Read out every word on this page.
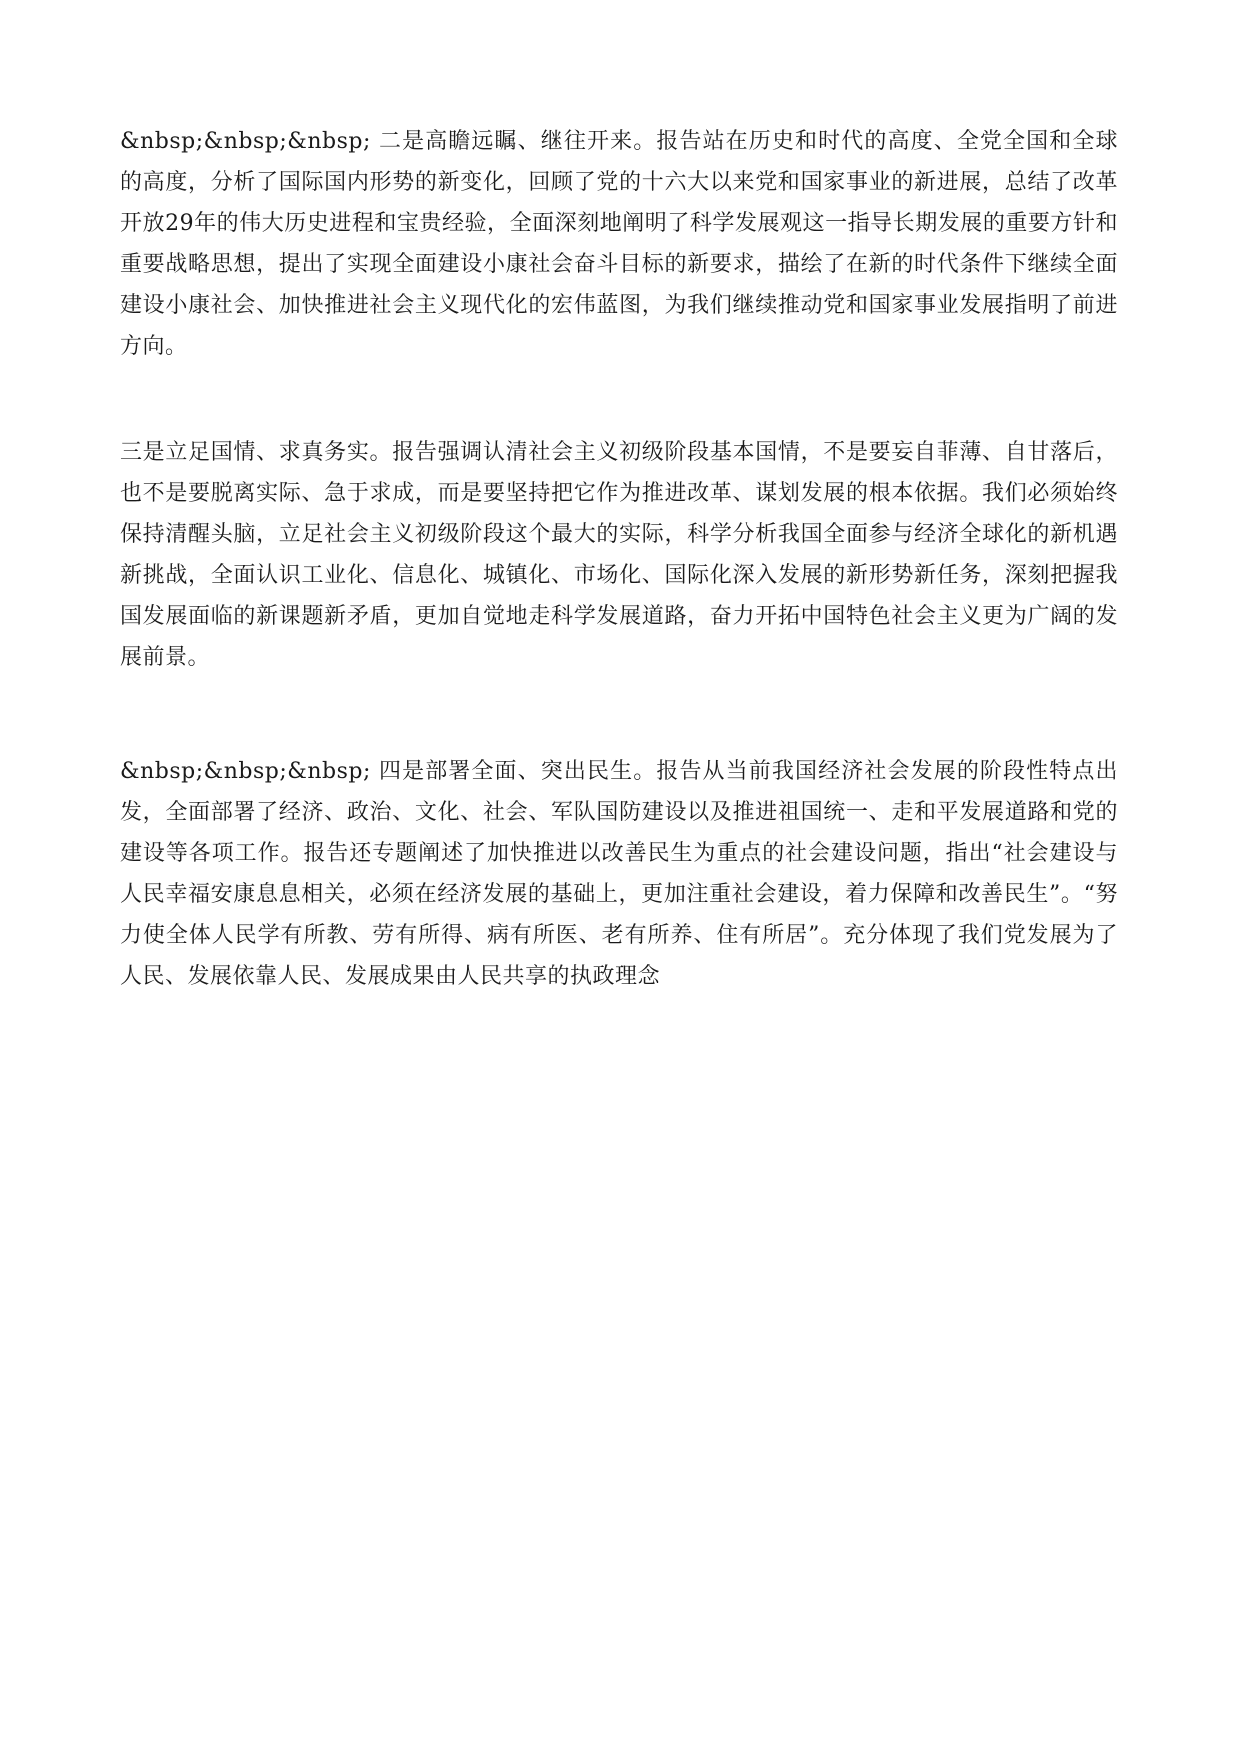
&nbsp;&nbsp;&nbsp; 二是高瞻远瞩、继往开来。报告站在历史和时代的高度、全党全国和全球的高度，分析了国际国内形势的新变化，回顾了党的十六大以来党和国家事业的新进展，总结了改革开放29年的伟大历史进程和宝贵经验，全面深刻地阐明了科学发展观这一指导长期发展的重要方针和重要战略思想，提出了实现全面建设小康社会奋斗目标的新要求，描绘了在新的时代条件下继续全面建设小康社会、加快推进社会主义现代化的宏伟蓝图，为我们继续推动党和国家事业发展指明了前进方向。

三是立足国情、求真务实。报告强调认清社会主义初级阶段基本国情，不是要妄自菲薄、自甘落后，也不是要脱离实际、急于求成，而是要坚持把它作为推进改革、谋划发展的根本依据。我们必须始终保持清醒头脑，立足社会主义初级阶段这个最大的实际，科学分析我国全面参与经济全球化的新机遇新挑战，全面认识工业化、信息化、城镇化、市场化、国际化深入发展的新形势新任务，深刻把握我国发展面临的新课题新矛盾，更加自觉地走科学发展道路，奋力开拓中国特色社会主义更为广阔的发展前景。

&nbsp;&nbsp;&nbsp; 四是部署全面、突出民生。报告从当前我国经济社会发展的阶段性特点出发，全面部署了经济、政治、文化、社会、军队国防建设以及推进祖国统一、走和平发展道路和党的建设等各项工作。报告还专题阐述了加快推进以改善民生为重点的社会建设问题，指出“社会建设与人民幸福安康息息相关，必须在经济发展的基础上，更加注重社会建设，着力保障和改善民生”。“努力使全体人民学有所教、劳有所得、病有所医、老有所养、住有所居”。充分体现了我们党发展为了人民、发展依靠人民、发展成果由人民共享的执政理念
